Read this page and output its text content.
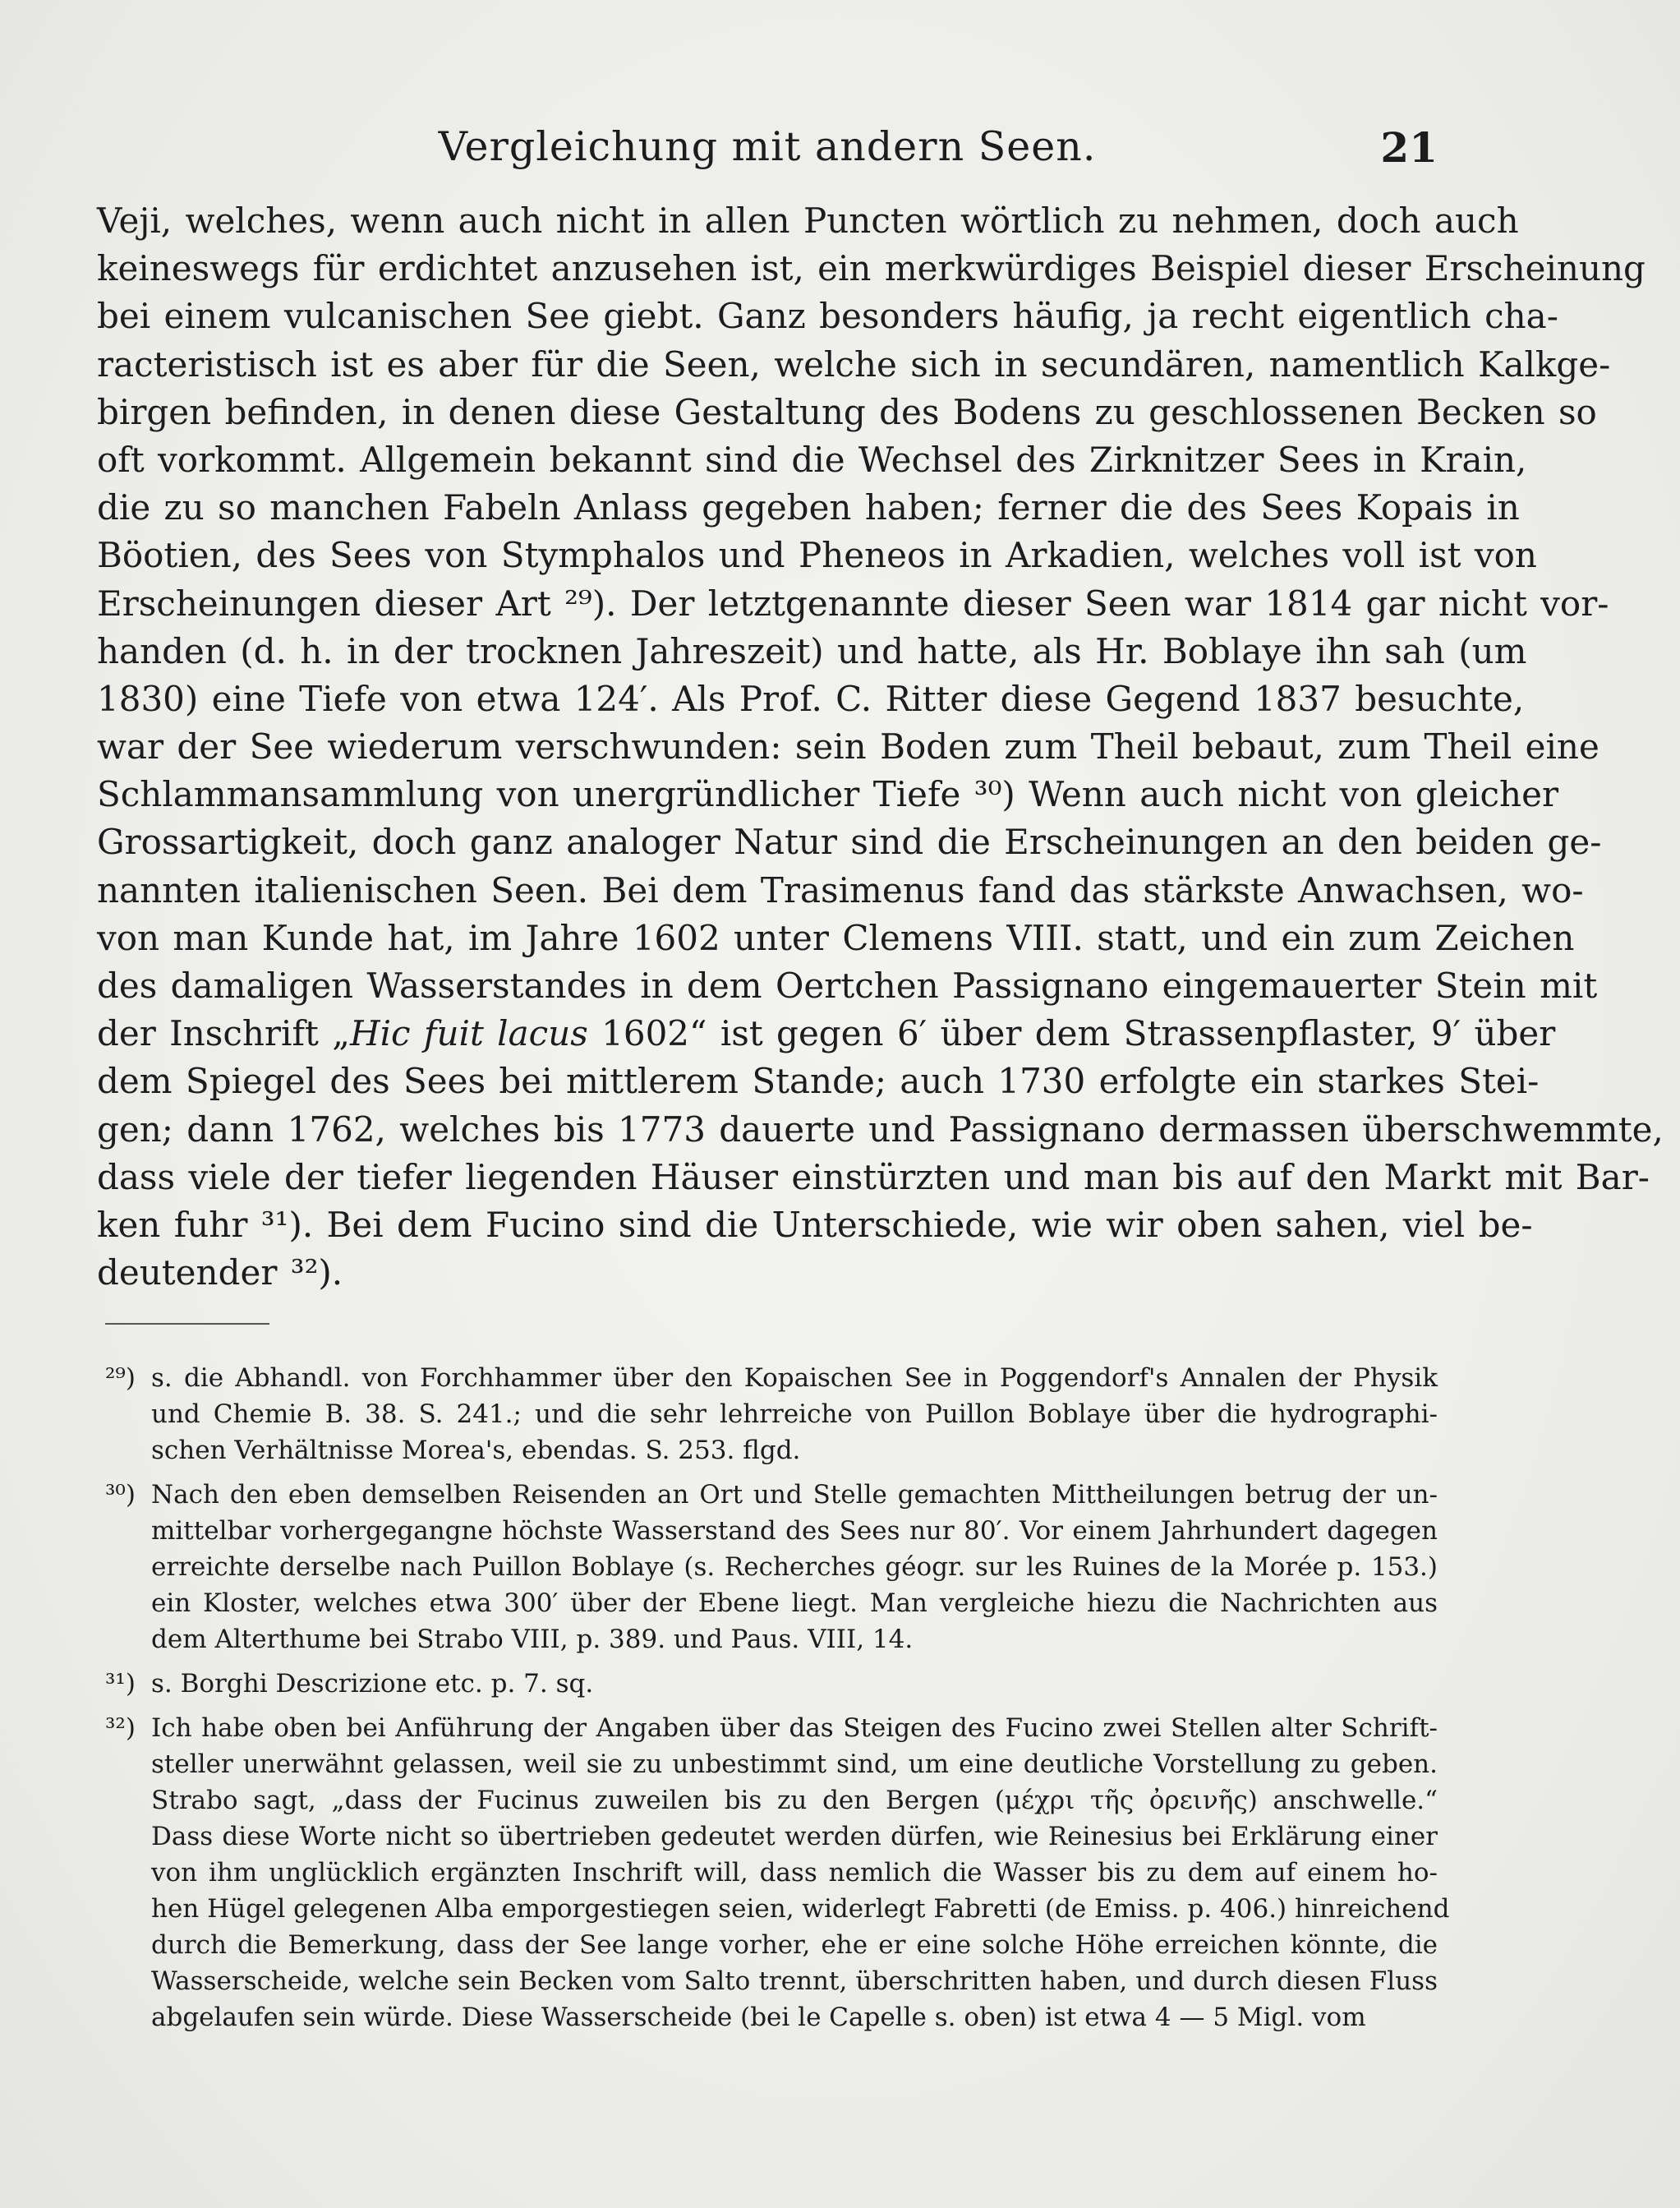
Vergleichung mit andern Seen.	21
Veji, welches, wenn auch nicht in allen Puncten wörtlich zu nehmen, doch auch
keineswegs für erdichtet anzusehen ist, ein merkwürdiges Beispiel dieser Erscheinung
bei einem vulcanischen See giebt. Ganz besonders häufig, ja recht eigentlich cha-
racteristisch ist es aber für die Seen, welche sich in secundären, namentlich Kalkge-
birgen befinden, in denen diese Gestaltung des Bodens zu geschlossenen Becken so
oft vorkommt. Allgemein bekannt sind die Wechsel des Zirknitzer Sees in Krain,
die zu so manchen Fabeln Anlass gegeben haben; ferner die des Sees Kopais in
Böotien, des Sees von Stymphalos und Pheneos in Arkadien, welches voll ist von
Erscheinungen dieser Art ²⁹). Der letztgenannte dieser Seen war 1814 gar nicht vor-
handen (d. h. in der trocknen Jahreszeit) und hatte, als Hr. Boblaye ihn sah (um
1830) eine Tiefe von etwa 124′. Als Prof. C. Ritter diese Gegend 1837 besuchte,
war der See wiederum verschwunden: sein Boden zum Theil bebaut, zum Theil eine
Schlammansammlung von unergründlicher Tiefe ³⁰) Wenn auch nicht von gleicher
Grossartigkeit, doch ganz analoger Natur sind die Erscheinungen an den beiden ge-
nannten italienischen Seen. Bei dem Trasimenus fand das stärkste Anwachsen, wo-
von man Kunde hat, im Jahre 1602 unter Clemens VIII. statt, und ein zum Zeichen
des damaligen Wasserstandes in dem Oertchen Passignano eingemauerter Stein mit
der Inschrift „Hic fuit lacus 1602“ ist gegen 6′ über dem Strassenpflaster, 9′ über
dem Spiegel des Sees bei mittlerem Stande; auch 1730 erfolgte ein starkes Stei-
gen; dann 1762, welches bis 1773 dauerte und Passignano dermassen überschwemmte,
dass viele der tiefer liegenden Häuser einstürzten und man bis auf den Markt mit Bar-
ken fuhr ³¹). Bei dem Fucino sind die Unterschiede, wie wir oben sahen, viel be-
deutender ³²).
²⁹) s. die Abhandl. von Forchhammer über den Kopaischen See in Poggendorf's Annalen der Physik
und Chemie B. 38. S. 241.; und die sehr lehrreiche von Puillon Boblaye über die hydrographi-
schen Verhältnisse Morea's, ebendas. S. 253. flgd.
³⁰) Nach den eben demselben Reisenden an Ort und Stelle gemachten Mittheilungen betrug der un-
mittelbar vorhergegangne höchste Wasserstand des Sees nur 80′. Vor einem Jahrhundert dagegen
erreichte derselbe nach Puillon Boblaye (s. Recherches géogr. sur les Ruines de la Morée p. 153.)
ein Kloster, welches etwa 300′ über der Ebene liegt. Man vergleiche hiezu die Nachrichten aus
dem Alterthume bei Strabo VIII, p. 389. und Paus. VIII, 14.
³¹) s. Borghi Descrizione etc. p. 7. sq.
³²) Ich habe oben bei Anführung der Angaben über das Steigen des Fucino zwei Stellen alter Schrift-
steller unerwähnt gelassen, weil sie zu unbestimmt sind, um eine deutliche Vorstellung zu geben.
Strabo sagt, „dass der Fucinus zuweilen bis zu den Bergen (μέχρι τῆς ὀρεινῆς) anschwelle.“
Dass diese Worte nicht so übertrieben gedeutet werden dürfen, wie Reinesius bei Erklärung einer
von ihm unglücklich ergänzten Inschrift will, dass nemlich die Wasser bis zu dem auf einem ho-
hen Hügel gelegenen Alba emporgestiegen seien, widerlegt Fabretti (de Emiss. p. 406.) hinreichend
durch die Bemerkung, dass der See lange vorher, ehe er eine solche Höhe erreichen könnte, die
Wasserscheide, welche sein Becken vom Salto trennt, überschritten haben, und durch diesen Fluss
abgelaufen sein würde. Diese Wasserscheide (bei le Capelle s. oben) ist etwa 4 — 5 Migl. vom
